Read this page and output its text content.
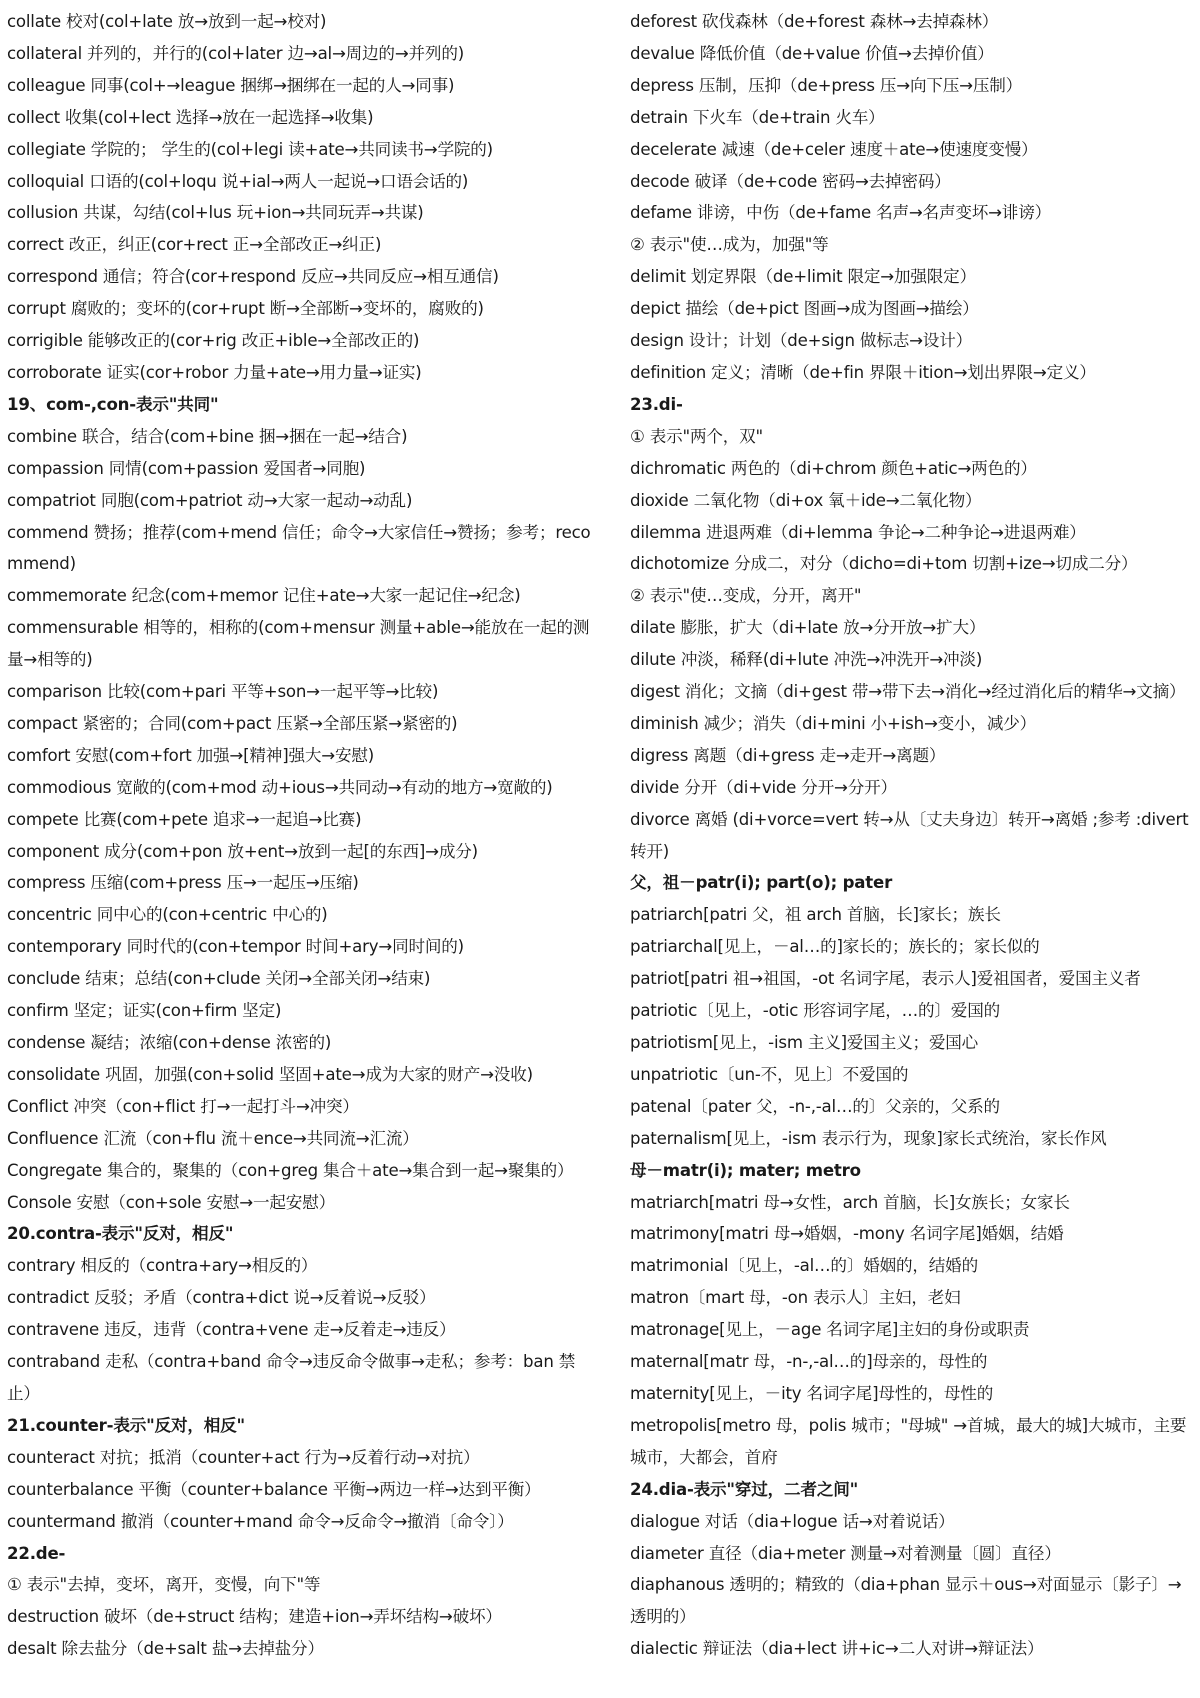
collate 校对(col+late 放→放到一起→校对)
collateral 并列的，并行的(col+later 边→al→周边的→并列的)
colleague 同事(col+→league 捆绑→捆绑在一起的人→同事)
collect 收集(col+lect 选择→放在一起选择→收集)
collegiate 学院的； 学生的(col+legi 读+ate→共同读书→学院的)
colloquial 口语的(col+loqu 说+ial→两人一起说→口语会话的)
collusion 共谋，勾结(col+lus 玩+ion→共同玩弄→共谋)
correct 改正，纠正(cor+rect 正→全部改正→纠正)
correspond 通信；符合(cor+respond 反应→共同反应→相互通信)
corrupt 腐败的；变坏的(cor+rupt 断→全部断→变坏的，腐败的)
corrigible 能够改正的(cor+rig 改正+ible→全部改正的)
corroborate 证实(cor+robor 力量+ate→用力量→证实)
19、com-,con-表示"共同"
combine 联合，结合(com+bine 捆→捆在一起→结合)
compassion 同情(com+passion 爱国者→同胞)
compatriot 同胞(com+patriot 动→大家一起动→动乱)
commend 赞扬；推荐(com+mend 信任；命令→大家信任→赞扬；参考；recommend)
commemorate 纪念(com+memor 记住+ate→大家一起记住→纪念)
commensurable 相等的，相称的(com+mensur 测量+able→能放在一起的测量→相等的)
comparison 比较(com+pari 平等+son→一起平等→比较)
compact 紧密的；合同(com+pact 压紧→全部压紧→紧密的)
comfort 安慰(com+fort 加强→[精神]强大→安慰)
commodious 宽敞的(com+mod 动+ious→共同动→有动的地方→宽敞的)
compete 比赛(com+pete 追求→一起追→比赛)
component 成分(com+pon 放+ent→放到一起[的东西]→成分)
compress 压缩(com+press 压→一起压→压缩)
concentric 同中心的(con+centric 中心的)
contemporary 同时代的(con+tempor 时间+ary→同时间的)
conclude 结束；总结(con+clude 关闭→全部关闭→结束)
confirm 坚定；证实(con+firm 坚定)
condense 凝结；浓缩(con+dense 浓密的)
consolidate 巩固，加强(con+solid 坚固+ate→成为大家的财产→没收)
Conflict 冲突（con+flict 打→一起打斗→冲突）
Confluence 汇流（con+flu 流＋ence→共同流→汇流）
Congregate 集合的，聚集的（con+greg 集合＋ate→集合到一起→聚集的）
Console 安慰（con+sole 安慰→一起安慰）
20.contra-表示"反对，相反"
contrary 相反的（contra+ary→相反的）
contradict 反驳；矛盾（contra+dict 说→反着说→反驳）
contravene 违反，违背（contra+vene 走→反着走→违反）
contraband 走私（contra+band 命令→违反命令做事→走私；参考：ban 禁止）
21.counter-表示"反对，相反"
counteract 对抗；抵消（counter+act 行为→反着行动→对抗）
counterbalance 平衡（counter+balance 平衡→两边一样→达到平衡）
countermand 撤消（counter+mand 命令→反命令→撤消〔命令〕）
22.de-
① 表示"去掉，变坏，离开，变慢，向下"等
destruction 破坏（de+struct 结构；建造+ion→弄坏结构→破坏）
desalt 除去盐分（de+salt 盐→去掉盐分）
deforest 砍伐森林（de+forest 森林→去掉森林）
devalue 降低价值（de+value 价值→去掉价值）
depress 压制，压抑（de+press 压→向下压→压制）
detrain 下火车（de+train 火车）
decelerate 减速（de+celer 速度＋ate→使速度变慢）
decode 破译（de+code 密码→去掉密码）
defame 诽谤，中伤（de+fame 名声→名声变坏→诽谤）
② 表示"使…成为，加强"等
delimit 划定界限（de+limit 限定→加强限定）
depict 描绘（de+pict 图画→成为图画→描绘）
design 设计；计划（de+sign 做标志→设计）
definition 定义；清晰（de+fin 界限＋ition→划出界限→定义）
23.di-
① 表示"两个，双"
dichromatic 两色的（di+chrom 颜色+atic→两色的）
dioxide 二氧化物（di+ox 氧＋ide→二氧化物）
dilemma 进退两难（di+lemma 争论→二种争论→进退两难）
dichotomize 分成二，对分（dicho=di+tom 切割+ize→切成二分）
② 表示"使…变成，分开，离开"
dilate 膨胀，扩大（di+late 放→分开放→扩大）
dilute 冲淡，稀释(di+lute 冲洗→冲洗开→冲淡)
digest 消化；文摘（di+gest 带→带下去→消化→经过消化后的精华→文摘）
diminish 减少；消失（di+mini 小+ish→变小，减少）
digress 离题（di+gress 走→走开→离题）
divide 分开（di+vide 分开→分开）
divorce 离婚 (di+vorce=vert 转→从〔丈夫身边〕转开→离婚 ;参考 :divert 转开)
父，祖－patr(i); part(o); pater
patriarch[patri 父，祖 arch 首脑，长]家长；族长
patriarchal[见上，－al…的]家长的；族长的；家长似的
patriot[patri 祖→祖国，-ot 名词字尾，表示人]爱祖国者，爱国主义者
patriotic〔见上，-otic 形容词字尾，…的〕爱国的
patriotism[见上，-ism 主义]爱国主义；爱国心
unpatriotic〔un-不，见上〕不爱国的
patenal〔pater 父，-n-,-al…的〕父亲的，父系的
paternalism[见上，-ism 表示行为，现象]家长式统治，家长作风
母－matr(i); mater; metro
matriarch[matri 母→女性，arch 首脑，长]女族长；女家长
matrimony[matri 母→婚姻，-mony 名词字尾]婚姻，结婚
matrimonial〔见上，-al…的〕婚姻的，结婚的
matron〔mart 母，-on 表示人〕主妇，老妇
matronage[见上，－age 名词字尾]主妇的身份或职责
maternal[matr 母，-n-,-al…的]母亲的，母性的
maternity[见上，－ity 名词字尾]母性的，母性的
metropolis[metro 母，polis 城市；"母城" →首城，最大的城]大城市，主要城市，大都会，首府
24.dia-表示"穿过，二者之间"
dialogue 对话（dia+logue 话→对着说话）
diameter 直径（dia+meter 测量→对着测量〔圆〕直径）
diaphanous 透明的；精致的（dia+phan 显示＋ous→对面显示〔影子〕→透明的）
dialectic 辩证法（dia+lect 讲+ic→二人对讲→辩证法）
